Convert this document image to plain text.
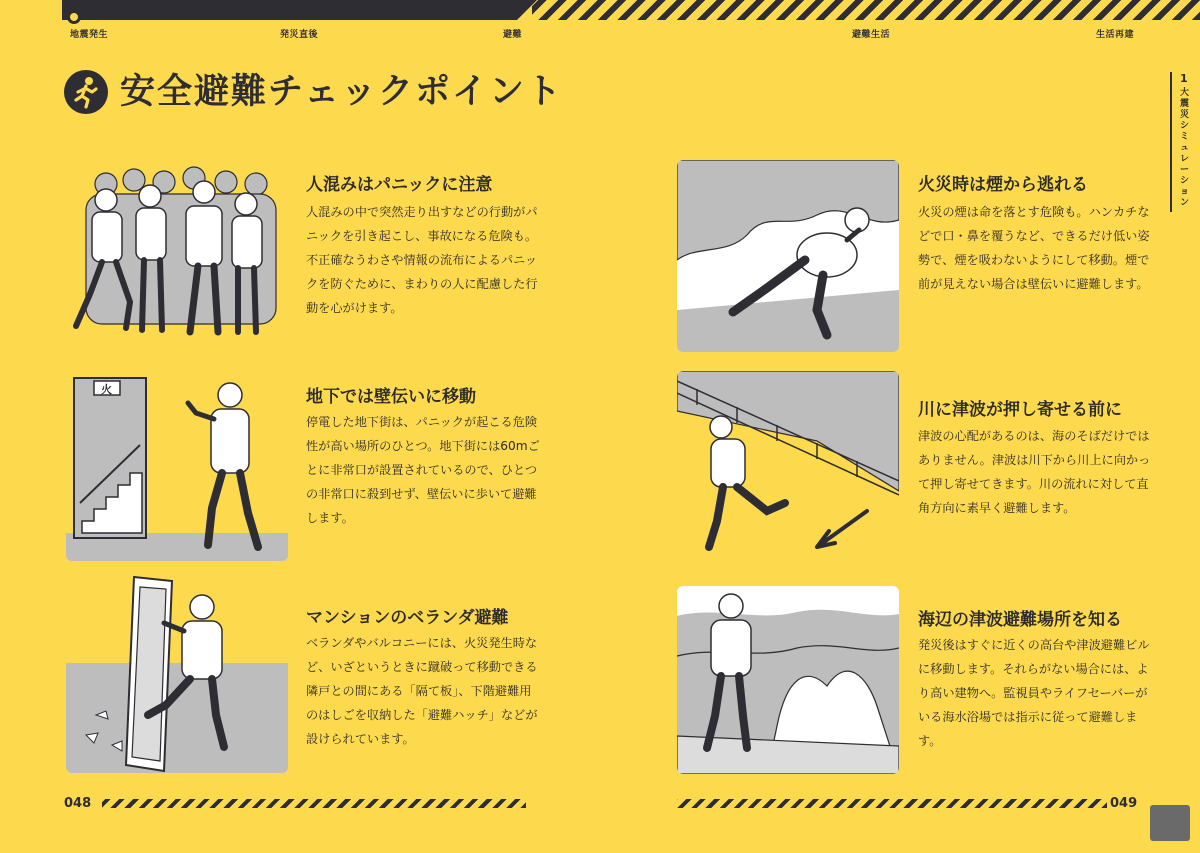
地震発生	発災直後	避難	避難生活	生活再建
安全避難チェックポイント	1
大震災シミュレーション
人混みはパニックに注意
人混みの中で突然走り出すなどの行動がパニックを引き起こし、事故になる危険も。不正確なうわさや情報の流布によるパニックを防ぐために、まわりの人に配慮した行動を心がけます。
火	地下では壁伝いに移動
停電した地下街は、パニックが起こる危険性が高い場所のひとつ。地下街には60mごとに非常口が設置されているので、ひとつの非常口に殺到せず、壁伝いに歩いて避難します。
マンションのベランダ避難
ベランダやバルコニーには、火災発生時など、いざというときに蹴破って移動できる隣戸との間にある「隔て板」、下階避難用のはしごを収納した「避難ハッチ」などが設けられています。
火災時は煙から逃れる
火災の煙は命を落とす危険も。ハンカチなどで口・鼻を覆うなど、できるだけ低い姿勢で、煙を吸わないようにして移動。煙で前が見えない場合は壁伝いに避難します。
川に津波が押し寄せる前に
津波の心配があるのは、海のそばだけではありません。津波は川下から川上に向かって押し寄せてきます。川の流れに対して直角方向に素早く避難します。
海辺の津波避難場所を知る
発災後はすぐに近くの高台や津波避難ビルに移動します。それらがない場合には、より高い建物へ。監視員やライフセーバーがいる海水浴場では指示に従って避難します。
048	049
